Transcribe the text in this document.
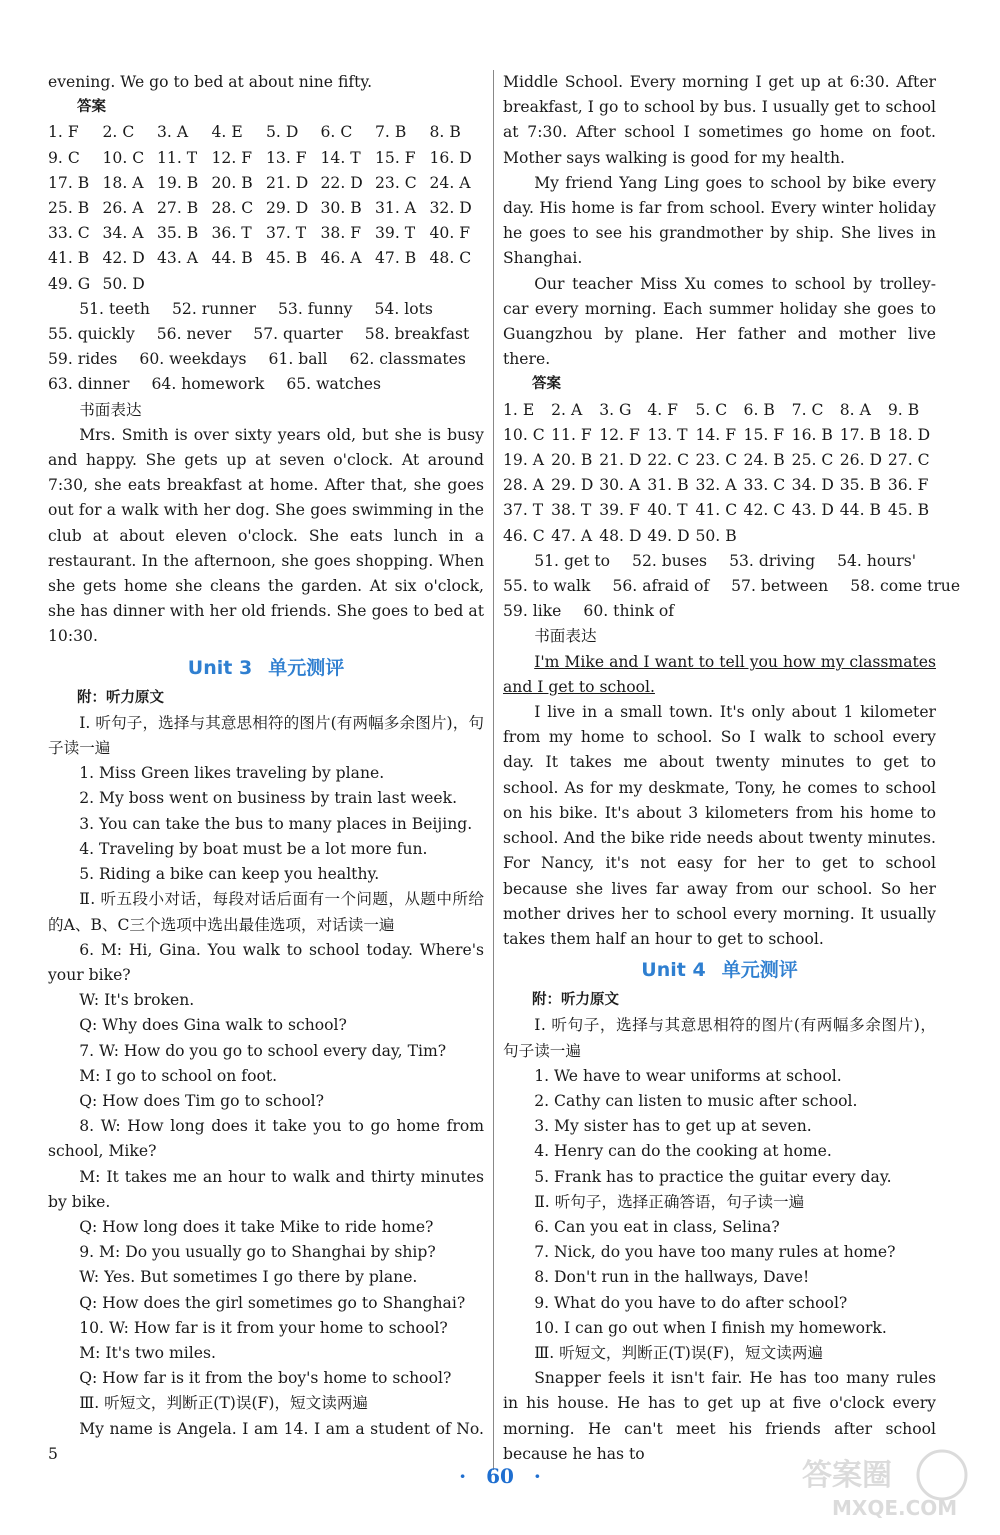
evening. We go to bed at about nine fifty.

答案

1. F	2. C	3. A	4. E	5. D	6. C	7. B	8. B
9. C	10. C 11. T 12. F 13. F 14. T 15. F 16. D
17. B 18. A 19. B 20. B 21. D 22. D 23. C 24. A
25. B 26. A 27. B 28. C 29. D 30. B 31. A 32. D
33. C 34. A 35. B 36. T 37. T 38. F 39. T 40. F
41. B 42. D 43. A 44. B 45. B 46. A 47. B 48. C
49. G 50. D

51. teeth 52. runner 53. funny 54. lots

55. quickly 56. never 57. quarter 58. breakfast

59. rides 60. weekdays 61. ball 62. classmates

63. dinner 64. homework 65. watches

书面表达

Mrs. Smith is over sixty years old, but she is busy and happy. She gets up at seven o'clock. At around 7:30, she eats breakfast at home. After that, she goes out for a walk with her dog. She goes swimming in the club at about eleven o'clock. She eats lunch in a restaurant. In the afternoon, she goes shopping. When she gets home she cleans the garden. At six o'clock, she has dinner with her old friends. She goes to bed at 10:30.

Unit 3 单元测评

附：听力原文

Ⅰ. 听句子，选择与其意思相符的图片(有两幅多余图片)，句子读一遍

1. Miss Green likes traveling by plane.

2. My boss went on business by train last week.

3. You can take the bus to many places in Beijing.

4. Traveling by boat must be a lot more fun.

5. Riding a bike can keep you healthy.

Ⅱ. 听五段小对话，每段对话后面有一个问题，从题中所给的A、B、C三个选项中选出最佳选项，对话读一遍

6. M: Hi, Gina. You walk to school today. Where's your bike?

W: It's broken.

Q: Why does Gina walk to school?

7. W: How do you go to school every day, Tim?

M: I go to school on foot.

Q: How does Tim go to school?

8. W: How long does it take you to go home from school, Mike?

M: It takes me an hour to walk and thirty minutes by bike.

Q: How long does it take Mike to ride home?

9. M: Do you usually go to Shanghai by ship?

W: Yes. But sometimes I go there by plane.

Q: How does the girl sometimes go to Shanghai?

10. W: How far is it from your home to school?

M: It's two miles.

Q: How far is it from the boy's home to school?

Ⅲ. 听短文，判断正(T)误(F)，短文读两遍

My name is Angela. I am 14. I am a student of No. 5

Middle School. Every morning I get up at 6:30. After breakfast, I go to school by bus. I usually get to school at 7:30. After school I sometimes go home on foot. Mother says walking is good for my health.

My friend Yang Ling goes to school by bike every day. His home is far from school. Every winter holiday he goes to see his grandmother by ship. She lives in Shanghai.

Our teacher Miss Xu comes to school by trolley-car every morning. Each summer holiday she goes to Guangzhou by plane. Her father and mother live there.

答案

1. E	2. A	3. G	4. F	5. C	6. B	7. C	8. A	9. B
10. C 11. F 12. F 13. T 14. F 15. F 16. B 17. B 18. D
19. A 20. B 21. D 22. C 23. C 24. B 25. C 26. D 27. C
28. A 29. D 30. A 31. B 32. A 33. C 34. D 35. B 36. F
37. T 38. T 39. F 40. T 41. C 42. C 43. D 44. B 45. B
46. C 47. A 48. D 49. D 50. B

51. get to 52. buses 53. driving 54. hours'

55. to walk 56. afraid of 57. between 58. come true

59. like 60. think of

书面表达

I'm Mike and I want to tell you how my classmates and I get to school.

I live in a small town. It's only about 1 kilometer from my home to school. So I walk to school every day. It takes me about twenty minutes to get to school. As for my deskmate, Tony, he comes to school on his bike. It's about 3 kilometers from his home to school. And the bike ride needs about twenty minutes. For Nancy, it's not easy for her to get to school because she lives far away from our school. So her mother drives her to school every morning. It usually takes them half an hour to get to school.

Unit 4 单元测评

附：听力原文

Ⅰ. 听句子，选择与其意思相符的图片(有两幅多余图片)，句子读一遍

1. We have to wear uniforms at school.

2. Cathy can listen to music after school.

3. My sister has to get up at seven.

4. Henry can do the cooking at home.

5. Frank has to practice the guitar every day.

Ⅱ. 听句子，选择正确答语，句子读一遍

6. Can you eat in class, Selina?

7. Nick, do you have too many rules at home?

8. Don't run in the hallways, Dave!

9. What do you have to do after school?

10. I can go out when I finish my homework.

Ⅲ. 听短文，判断正(T)误(F)，短文读两遍

Snapper feels it isn't fair. He has too many rules in his house. He has to get up at five o'clock every morning. He can't meet his friends after school because he has to

· 60 ·	答案圈
MXQE.COM
